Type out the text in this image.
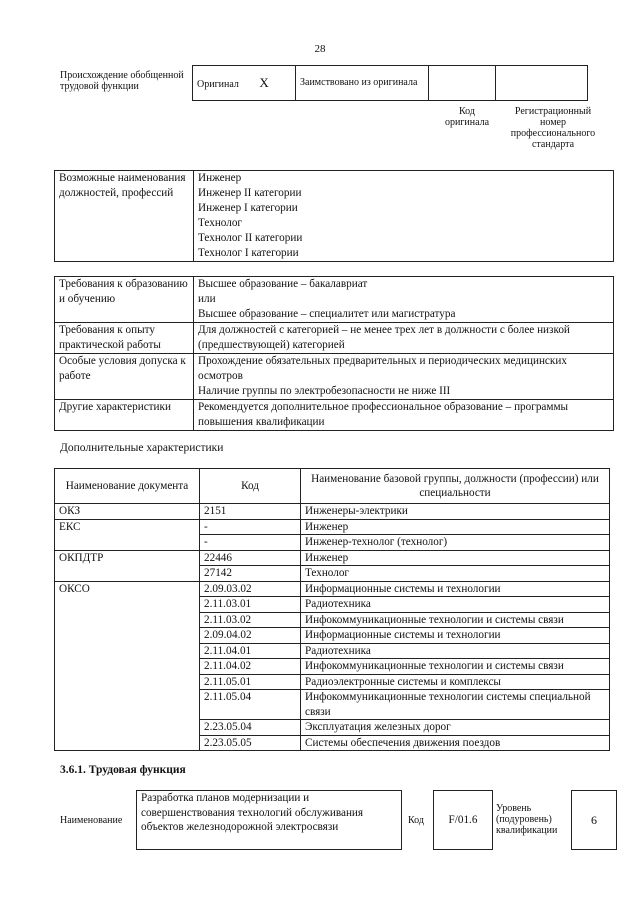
28
Происхождение обобщенной трудовой функции	Оригинал X	Заимствовано из оригинала		
Код оригинала
Регистрационный номер профессионального стандарта
Возможные наименования должностей, профессий	
Инженер
Инженер II категории
Инженер I категории
Технолог
Технолог II категории
Технолог I категории
Требования к образованию и обучению	Высшее образование – бакалавриат
или
Высшее образование – специалитет или магистратура

Требования к опыту практической работы	Для должностей с категорией – не менее трех лет в должности с более низкой (предшествующей) категорией

Особые условия допуска к работе	Прохождение обязательных предварительных и периодических медицинских осмотров
Наличие группы по электробезопасности не ниже III

Другие характеристики	Рекомендуется дополнительное профессиональное образование – программы повышения квалификации
Дополнительные характеристики
Наименование документа	Код	Наименование базовой группы, должности (профессии) или специальности
ОКЗ	2151	Инженеры-электрики
ЕКС	-	Инженер
	-	Инженер-технолог (технолог)
ОКПДТР	22446	Инженер
	27142	Технолог
ОКСО	2.09.03.02	Информационные системы и технологии
	2.11.03.01	Радиотехника
	2.11.03.02	Инфокоммуникационные технологии и системы связи
	2.09.04.02	Информационные системы и технологии
	2.11.04.01	Радиотехника
	2.11.04.02	Инфокоммуникационные технологии и системы связи
	2.11.05.01	Радиоэлектронные системы и комплексы
	2.11.05.04	Инфокоммуникационные технологии системы специальной связи
	2.23.05.04	Эксплуатация железных дорог
	2.23.05.05	Системы обеспечения движения поездов
3.6.1. Трудовая функция
Наименование
Разработка планов модернизации и совершенствования технологий обслуживания объектов железнодорожной электросвязи
Код F/01.6
Уровень (подуровень) квалификации
6
